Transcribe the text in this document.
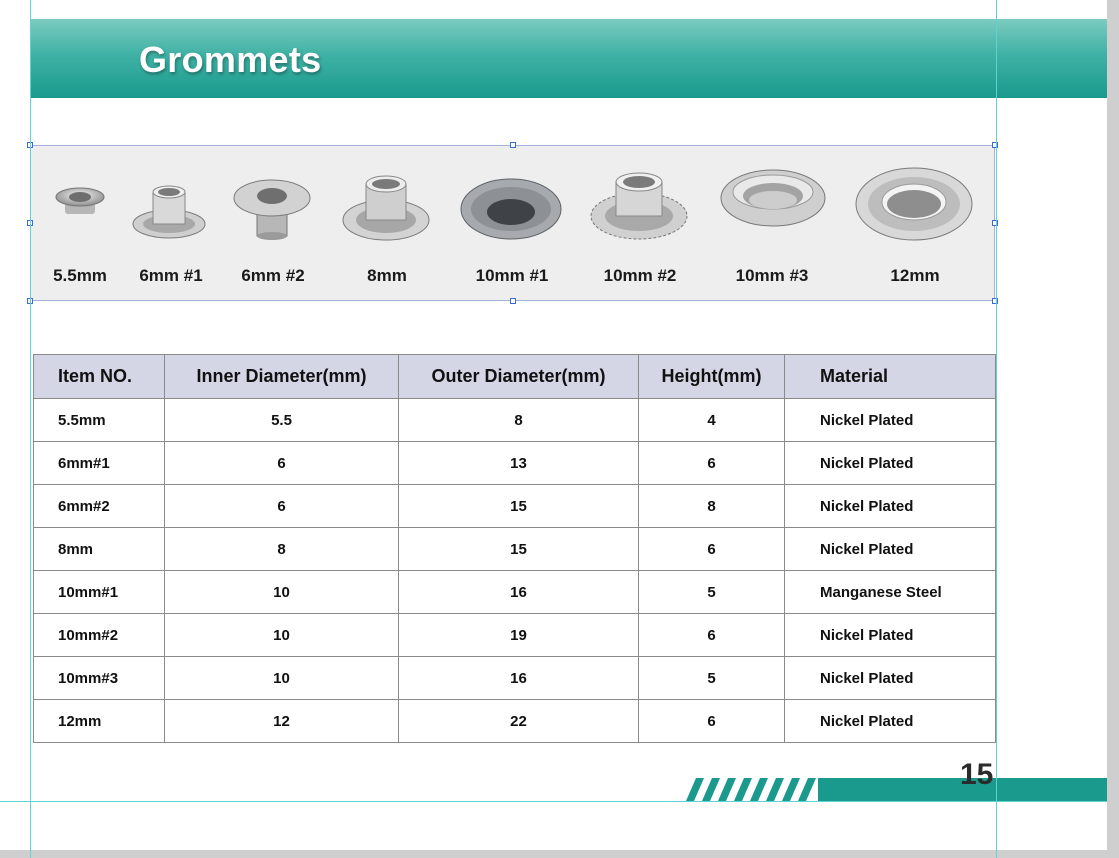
Grommets
5.5mm 6mm #1 6mm #2	8mm	10mm #1	10mm #2	10mm #3	12mm
Item NO.	Inner Diameter(mm)	Outer Diameter(mm)	Height(mm)	Material
5.5mm	5.5	8	4	Nickel Plated
6mm#1	6	13	6	Nickel Plated
6mm#2	6	15	8	Nickel Plated
8mm	8	15	6	Nickel Plated
10mm#1	10	16	5	Manganese Steel
10mm#2	10	19	6	Nickel Plated
10mm#3	10	16	5	Nickel Plated
12mm	12	22	6	Nickel Plated
15
